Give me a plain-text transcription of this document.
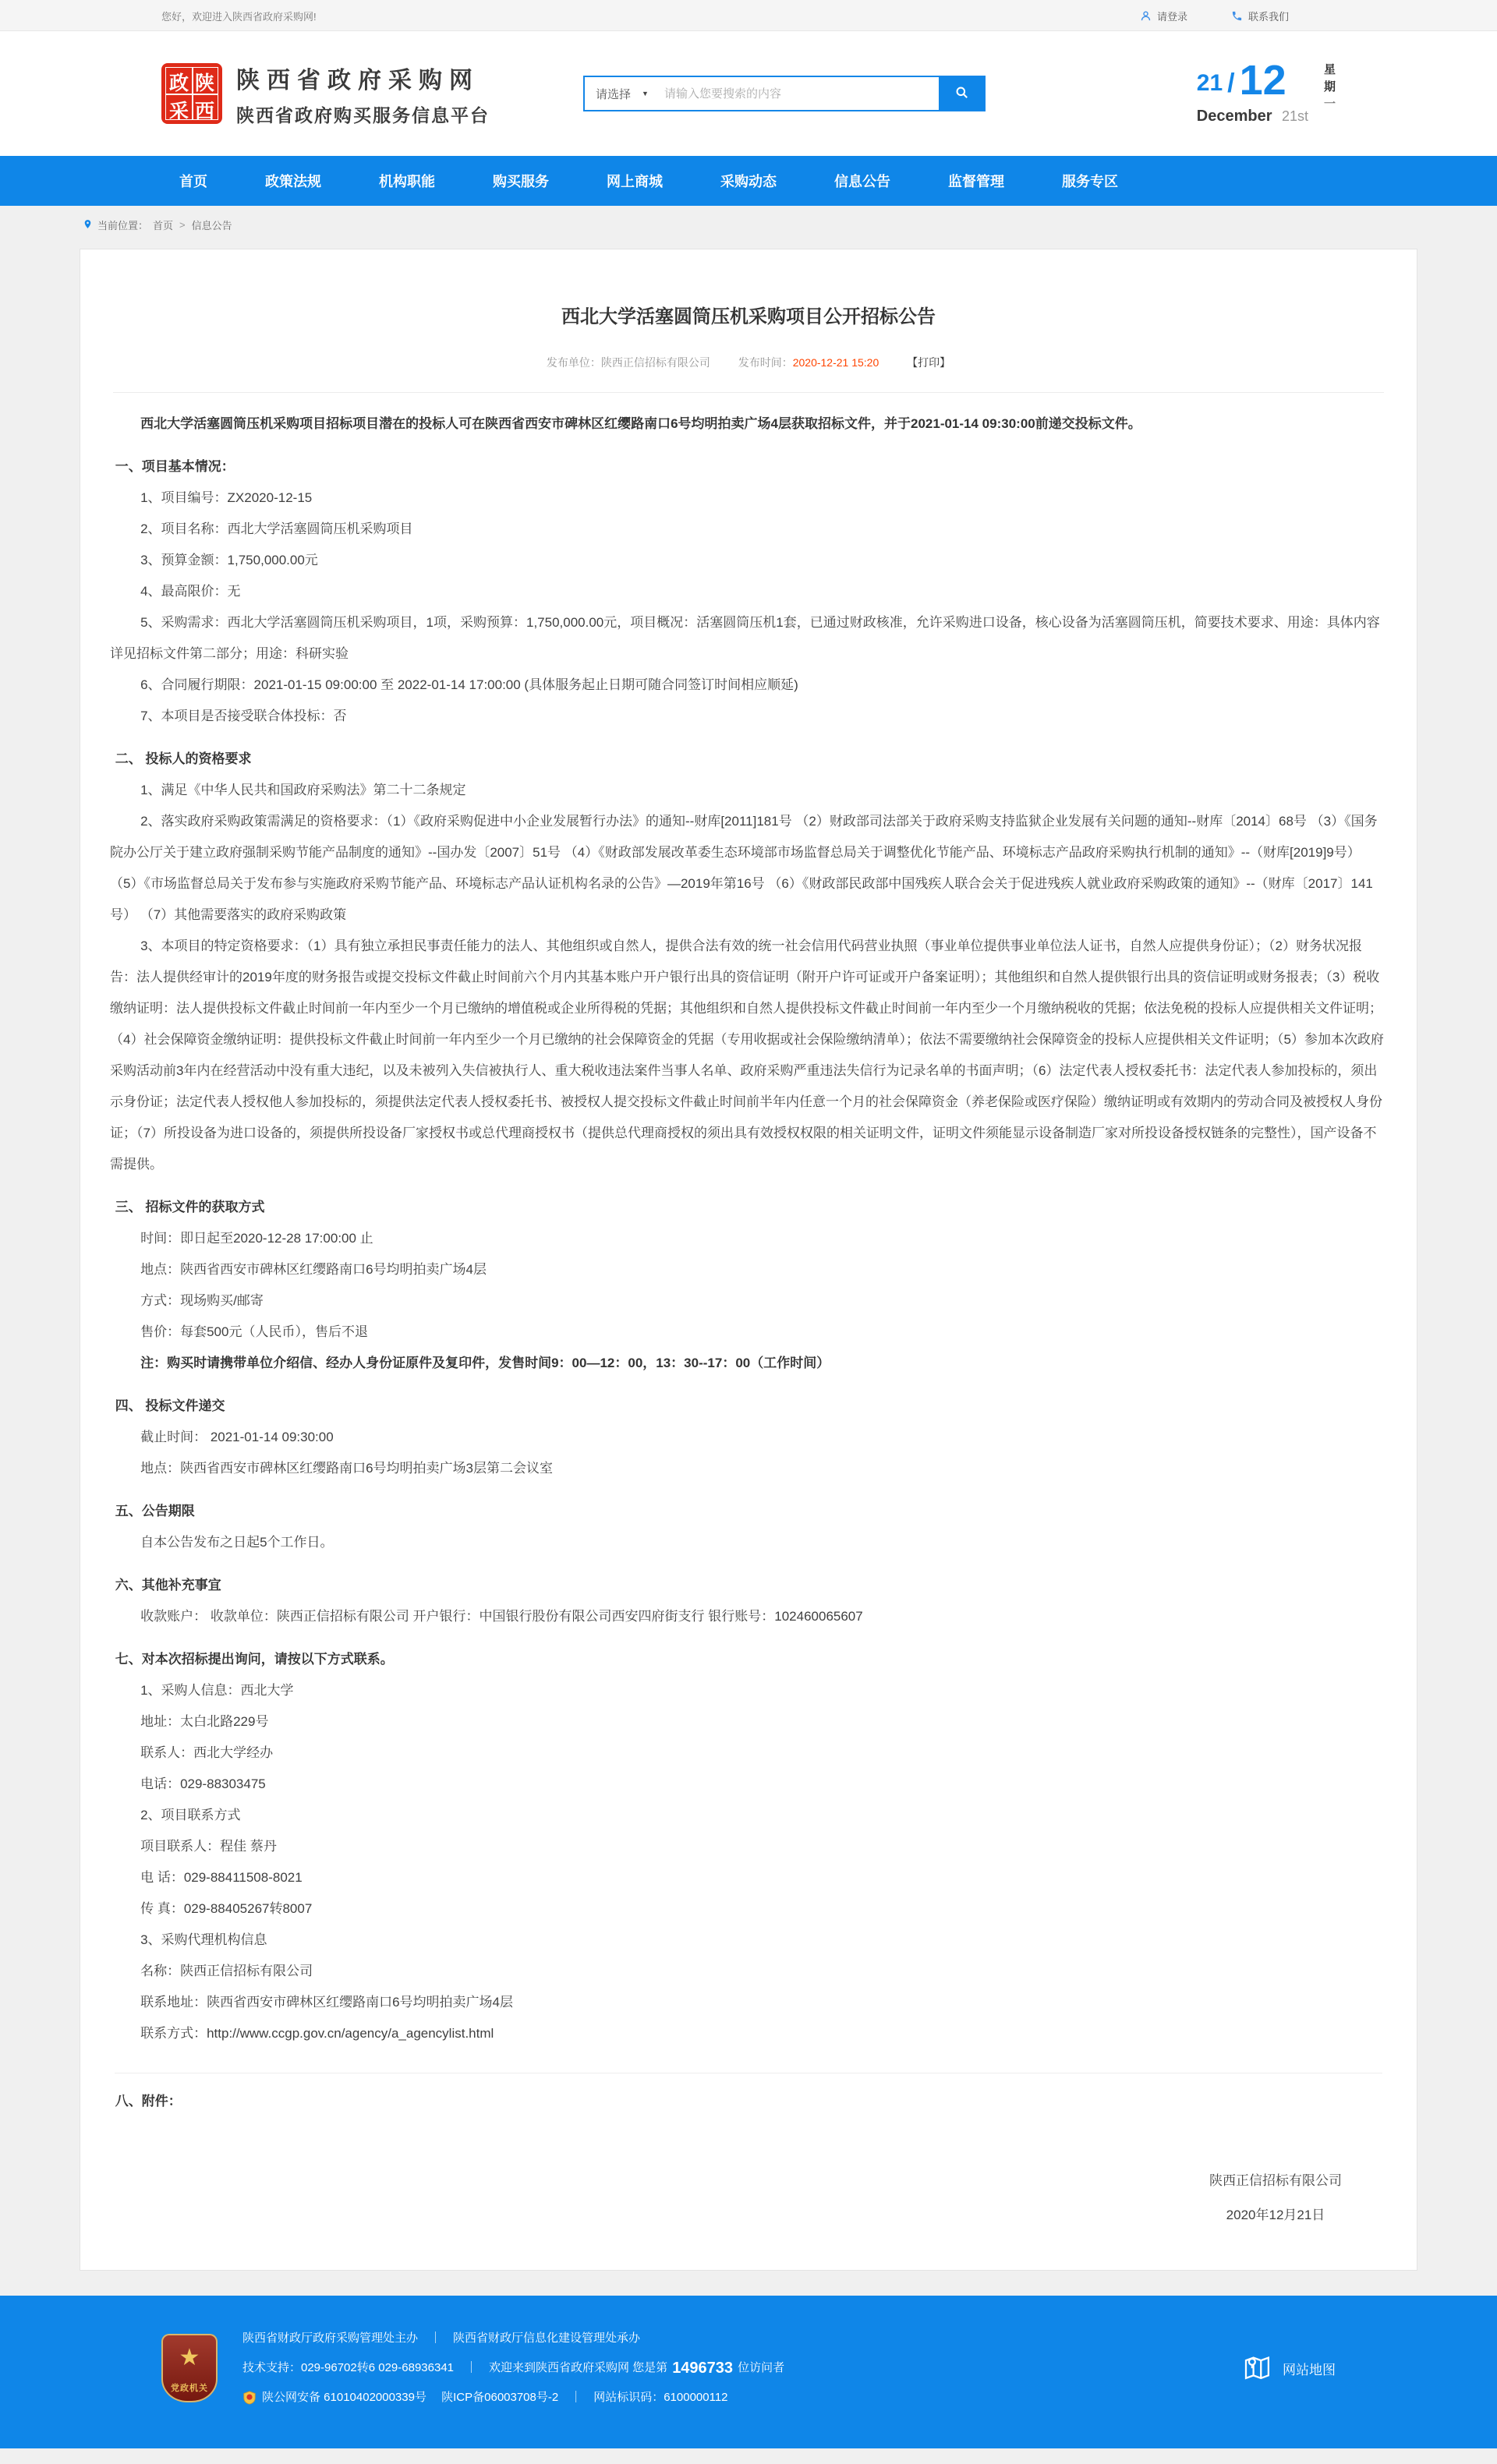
您好，欢迎进入陕西省政府采购网!	请登录	联系我们
政 陕
采 西
陕西省政府采购网
陕西省政府购买服务信息平台
请选择 ▼
请输入您要搜索的内容	21 / 12
December 21st
星
期
一
首页	政策法规	机构职能	购买服务	网上商城	采购动态	信息公告	监督管理	服务专区
当前位置： 首页 > 信息公告
西北大学活塞圆筒压机采购项目公开招标公告
发布单位：陕西正信招标有限公司	发布时间：2020-12-21 15:20	【打印】

西北大学活塞圆筒压机采购项目招标项目潜在的投标人可在陕西省西安市碑林区红缨路南口6号均明拍卖广场4层获取招标文件，并于2021-01-14 09:30:00前递交投标文件。

一、项目基本情况：

1、项目编号：ZX2020-12-15

2、项目名称：西北大学活塞圆筒压机采购项目

3、预算金额：1,750,000.00元

4、最高限价：无

5、采购需求：西北大学活塞圆筒压机采购项目，1项，采购预算：1,750,000.00元，项目概况：活塞圆筒压机1套，已通过财政核准，允许采购进口设备，核心设备为活塞圆筒压机，简要技术要求、用途：具体内容详见招标文件第二部分；用途：科研实验

6、合同履行期限：2021-01-15 09:00:00 至 2022-01-14 17:00:00 (具体服务起止日期可随合同签订时间相应顺延)

7、本项目是否接受联合体投标：否

二、 投标人的资格要求

1、满足《中华人民共和国政府采购法》第二十二条规定

2、落实政府采购政策需满足的资格要求：（1）《政府采购促进中小企业发展暂行办法》的通知--财库[2011]181号 （2）财政部司法部关于政府采购支持监狱企业发展有关问题的通知--财库〔2014〕68号 （3）《国务院办公厅关于建立政府强制采购节能产品制度的通知》--国办发〔2007〕51号 （4）《财政部发展改革委生态环境部市场监督总局关于调整优化节能产品、环境标志产品政府采购执行机制的通知》--（财库[2019]9号） （5）《市场监督总局关于发布参与实施政府采购节能产品、环境标志产品认证机构名录的公告》—2019年第16号 （6）《财政部民政部中国残疾人联合会关于促进残疾人就业政府采购政策的通知》--（财库〔2017〕141号） （7）其他需要落实的政府采购政策

3、本项目的特定资格要求：（1）具有独立承担民事责任能力的法人、其他组织或自然人，提供合法有效的统一社会信用代码营业执照（事业单位提供事业单位法人证书，自然人应提供身份证）；（2）财务状况报告：法人提供经审计的2019年度的财务报告或提交投标文件截止时间前六个月内其基本账户开户银行出具的资信证明（附开户许可证或开户备案证明）；其他组织和自然人提供银行出具的资信证明或财务报表；（3）税收缴纳证明：法人提供投标文件截止时间前一年内至少一个月已缴纳的增值税或企业所得税的凭据；其他组织和自然人提供投标文件截止时间前一年内至少一个月缴纳税收的凭据；依法免税的投标人应提供相关文件证明；（4）社会保障资金缴纳证明：提供投标文件截止时间前一年内至少一个月已缴纳的社会保障资金的凭据（专用收据或社会保险缴纳清单）；依法不需要缴纳社会保障资金的投标人应提供相关文件证明；（5）参加本次政府采购活动前3年内在经营活动中没有重大违纪，以及未被列入失信被执行人、重大税收违法案件当事人名单、政府采购严重违法失信行为记录名单的书面声明；（6）法定代表人授权委托书：法定代表人参加投标的，须出示身份证；法定代表人授权他人参加投标的，须提供法定代表人授权委托书、被授权人提交投标文件截止时间前半年内任意一个月的社会保障资金（养老保险或医疗保险）缴纳证明或有效期内的劳动合同及被授权人身份证；（7）所投设备为进口设备的，须提供所投设备厂家授权书或总代理商授权书（提供总代理商授权的须出具有效授权权限的相关证明文件，证明文件须能显示设备制造厂家对所投设备授权链条的完整性），国产设备不需提供。

三、 招标文件的获取方式

时间：即日起至2020-12-28 17:00:00 止

地点：陕西省西安市碑林区红缨路南口6号均明拍卖广场4层

方式：现场购买/邮寄

售价：每套500元（人民币），售后不退

注：购买时请携带单位介绍信、经办人身份证原件及复印件，发售时间9：00—12：00，13：30--17：00（工作时间）

四、 投标文件递交

截止时间： 2021-01-14 09:30:00

地点：陕西省西安市碑林区红缨路南口6号均明拍卖广场3层第二会议室

五、公告期限

自本公告发布之日起5个工作日。

六、其他补充事宜

收款账户： 收款单位：陕西正信招标有限公司 开户银行：中国银行股份有限公司西安四府街支行 银行账号：102460065607

七、对本次招标提出询问，请按以下方式联系。

1、采购人信息：西北大学

地址：太白北路229号

联系人：西北大学经办

电话：029-88303475

2、项目联系方式

项目联系人：程佳 蔡丹

电 话：029-88411508-8021

传 真：029-88405267转8007

3、采购代理机构信息

名称：陕西正信招标有限公司

联系地址：陕西省西安市碑林区红缨路南口6号均明拍卖广场4层

联系方式：http://www.ccgp.gov.cn/agency/a_agencylist.html

八、附件：

陕西正信招标有限公司

2020年12月21日

★
党政机关
陕西省财政厅政府采购管理处主办　｜　陕西省财政厅信息化建设管理处承办
技术支持：029-96702转6 029-68936341　｜　欢迎来到陕西省政府采购网 您是第 1496733 位访问者
陕公网安备 61010402000339号　 陕ICP备06003708号-2　｜　网站标识码：6100000112
网站地图
